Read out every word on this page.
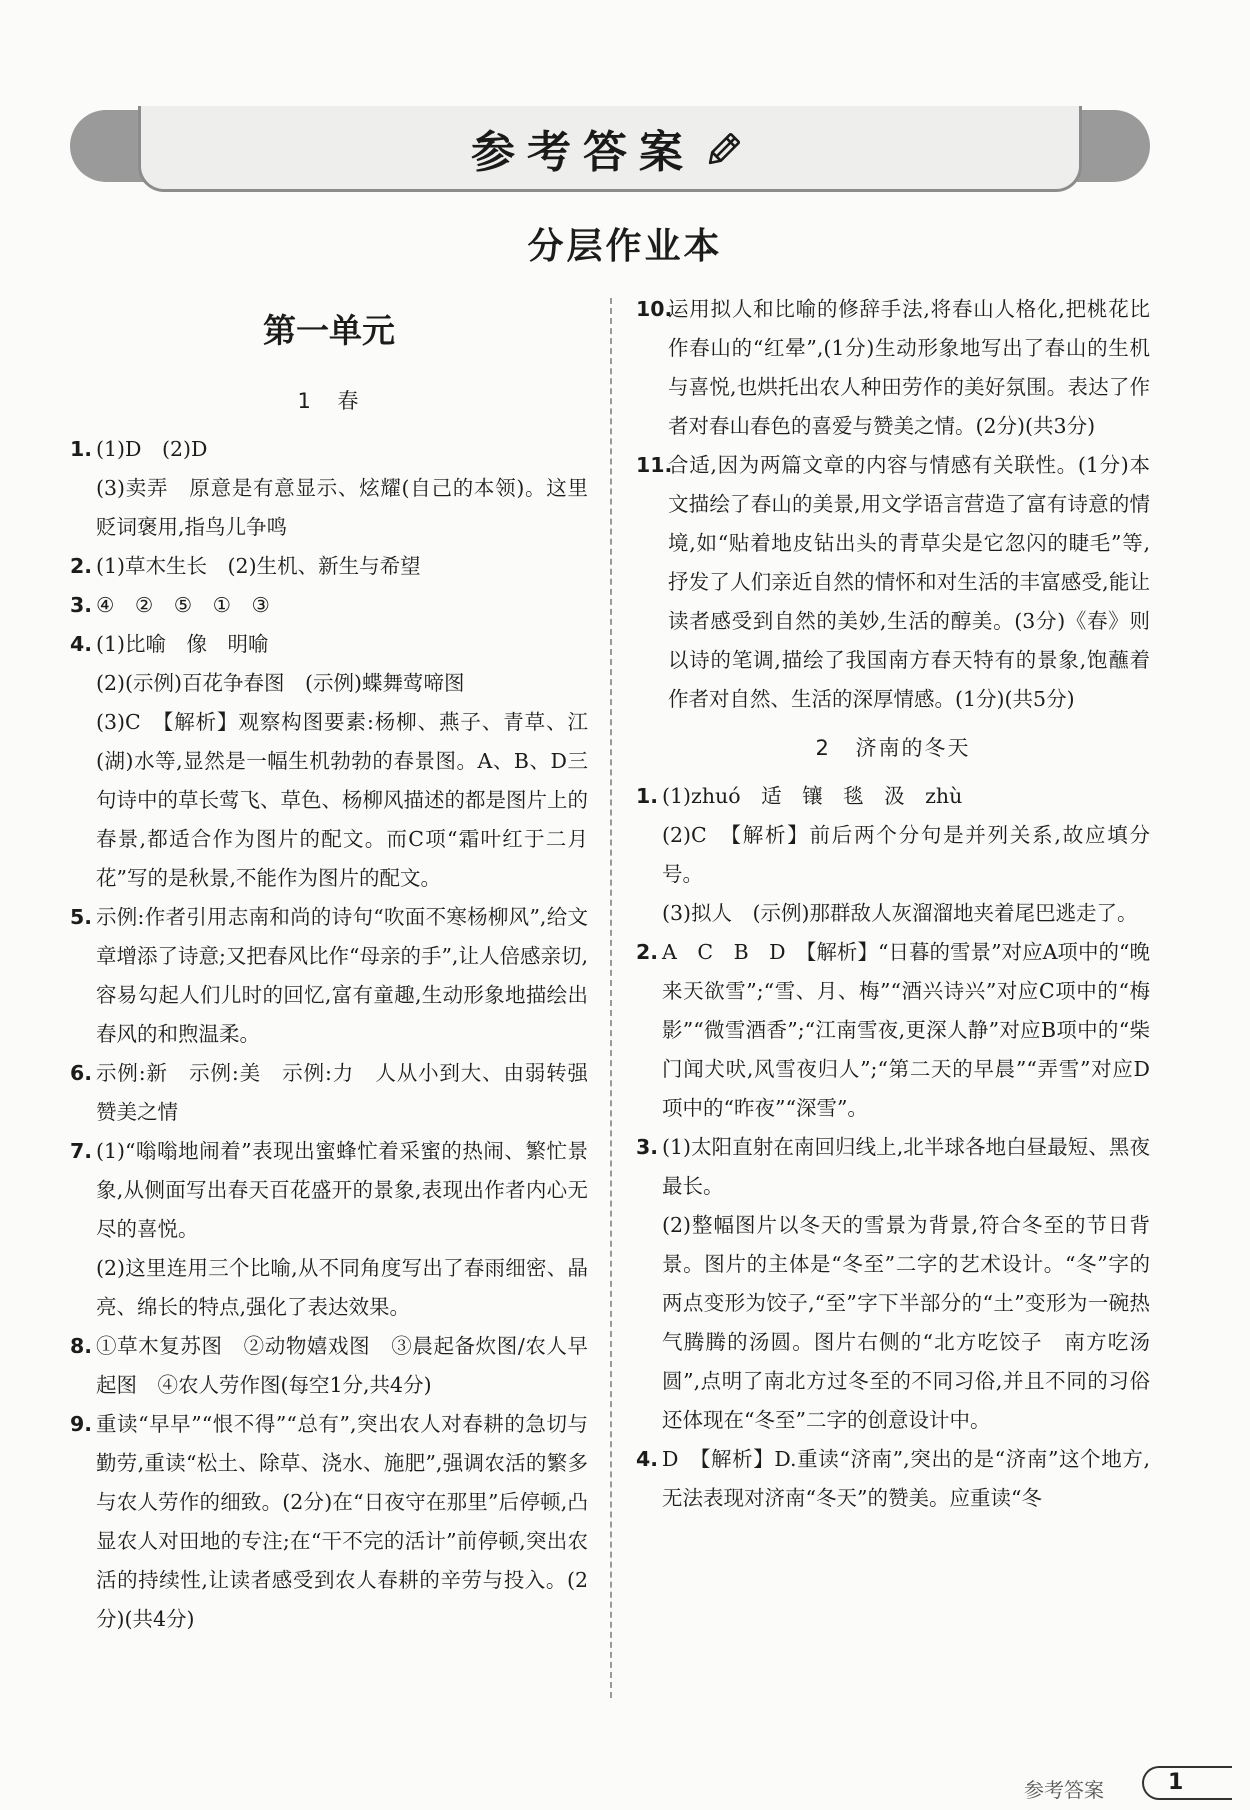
参考答案
分层作业本
第一单元
1 春
1. (1)D　(2)D
(3)卖弄　原意是有意显示、炫耀(自己的本领)。这里贬词褒用,指鸟儿争鸣
2. (1)草木生长　(2)生机、新生与希望
3. ④　②　⑤　①　③
4. (1)比喻　像　明喻
(2)(示例)百花争春图　(示例)蝶舞莺啼图
(3)C　【解析】观察构图要素:杨柳、燕子、青草、江(湖)水等,显然是一幅生机勃勃的春景图。A、B、D三句诗中的草长莺飞、草色、杨柳风描述的都是图片上的春景,都适合作为图片的配文。而C项“霜叶红于二月花”写的是秋景,不能作为图片的配文。
5. 示例:作者引用志南和尚的诗句“吹面不寒杨柳风”,给文章增添了诗意;又把春风比作“母亲的手”,让人倍感亲切,容易勾起人们儿时的回忆,富有童趣,生动形象地描绘出春风的和煦温柔。
6. 示例:新　示例:美　示例:力　人从小到大、由弱转强　赞美之情
7. (1)“嗡嗡地闹着”表现出蜜蜂忙着采蜜的热闹、繁忙景象,从侧面写出春天百花盛开的景象,表现出作者内心无尽的喜悦。
(2)这里连用三个比喻,从不同角度写出了春雨细密、晶亮、绵长的特点,强化了表达效果。
8. ①草木复苏图　②动物嬉戏图　③晨起备炊图/农人早起图　④农人劳作图(每空1分,共4分)
9. 重读“早早”“恨不得”“总有”,突出农人对春耕的急切与勤劳,重读“松土、除草、浇水、施肥”,强调农活的繁多与农人劳作的细致。(2分)在“日夜守在那里”后停顿,凸显农人对田地的专注;在“干不完的活计”前停顿,突出农活的持续性,让读者感受到农人春耕的辛劳与投入。(2分)(共4分)
10.
运用拟人和比喻的修辞手法,将春山人格化,把桃花比作春山的“红晕”,(1分)生动形象地写出了春山的生机与喜悦,也烘托出农人种田劳作的美好氛围。表达了作者对春山春色的喜爱与赞美之情。(2分)(共3分)
11.
合适,因为两篇文章的内容与情感有关联性。(1分)本文描绘了春山的美景,用文学语言营造了富有诗意的情境,如“贴着地皮钻出头的青草尖是它忽闪的睫毛”等,抒发了人们亲近自然的情怀和对生活的丰富感受,能让读者感受到自然的美妙,生活的醇美。(3分)《春》则以诗的笔调,描绘了我国南方春天特有的景象,饱蘸着作者对自然、生活的深厚情感。(1分)(共5分)
2 济南的冬天
1. (1)zhuó　适　镶　毯　汲　zhù
(2)C　【解析】前后两个分句是并列关系,故应填分号。
(3)拟人　(示例)那群敌人灰溜溜地夹着尾巴逃走了。
2. A　C　B　D　【解析】“日暮的雪景”对应A项中的“晚来天欲雪”;“雪、月、梅”“酒兴诗兴”对应C项中的“梅影”“微雪酒香”;“江南雪夜,更深人静”对应B项中的“柴门闻犬吠,风雪夜归人”;“第二天的早晨”“弄雪”对应D项中的“昨夜”“深雪”。
3. (1)太阳直射在南回归线上,北半球各地白昼最短、黑夜最长。
(2)整幅图片以冬天的雪景为背景,符合冬至的节日背景。图片的主体是“冬至”二字的艺术设计。“冬”字的两点变形为饺子,“至”字下半部分的“土”变形为一碗热气腾腾的汤圆。图片右侧的“北方吃饺子　南方吃汤圆”,点明了南北方过冬至的不同习俗,并且不同的习俗还体现在“冬至”二字的创意设计中。
4. D　【解析】D.重读“济南”,突出的是“济南”这个地方,无法表现对济南“冬天”的赞美。应重读“冬
参考答案	1
